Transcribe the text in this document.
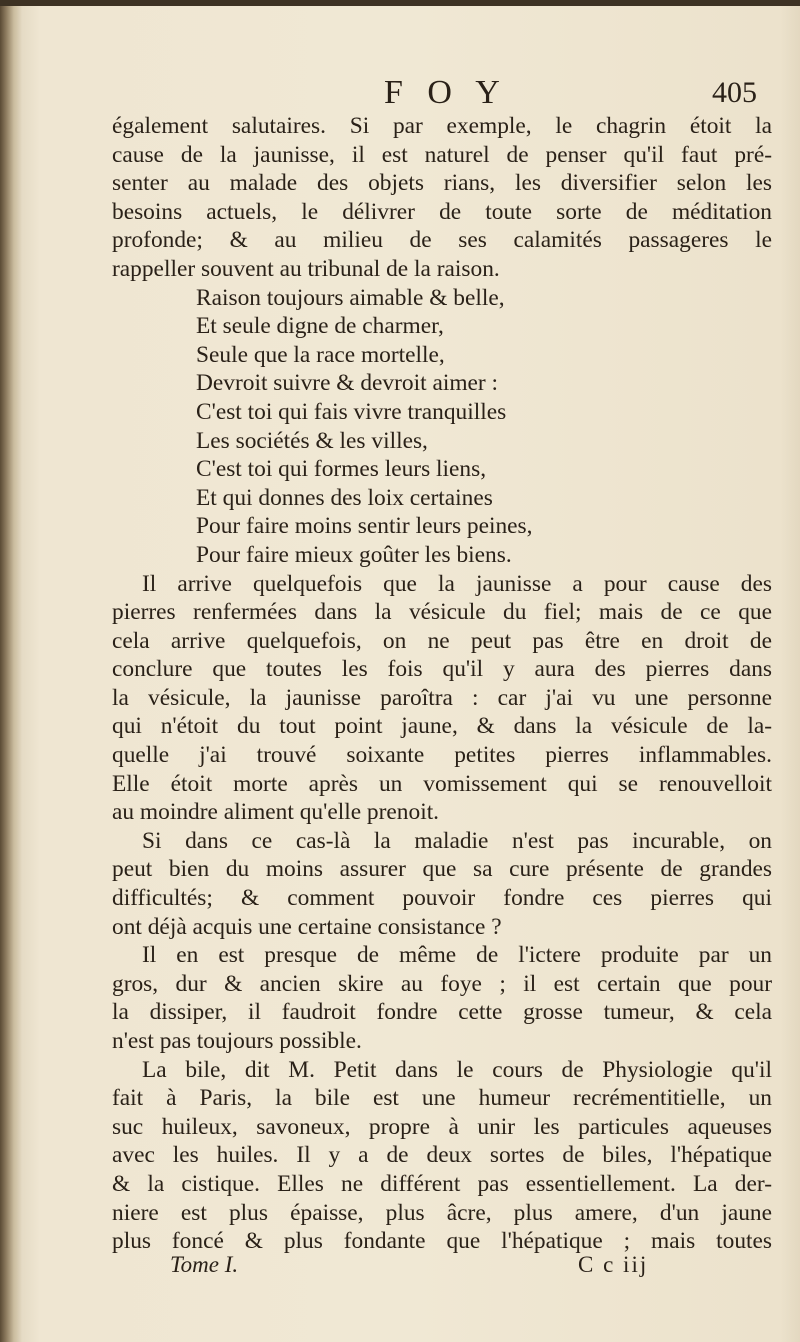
F O Y	405
également salutaires. Si par exemple, le chagrin étoit la
cause de la jaunisse, il est naturel de penser qu'il faut pré-
senter au malade des objets rians, les diversifier selon les
besoins actuels, le délivrer de toute sorte de méditation
profonde; & au milieu de ses calamités passageres le
rappeller souvent au tribunal de la raison.
Raison toujours aimable & belle,
Et seule digne de charmer,
Seule que la race mortelle,
Devroit suivre & devroit aimer :
C'est toi qui fais vivre tranquilles
Les sociétés & les villes,
C'est toi qui formes leurs liens,
Et qui donnes des loix certaines
Pour faire moins sentir leurs peines,
Pour faire mieux goûter les biens.
Il arrive quelquefois que la jaunisse a pour cause des
pierres renfermées dans la vésicule du fiel; mais de ce que
cela arrive quelquefois, on ne peut pas être en droit de
conclure que toutes les fois qu'il y aura des pierres dans
la vésicule, la jaunisse paroîtra : car j'ai vu une personne
qui n'étoit du tout point jaune, & dans la vésicule de la-
quelle j'ai trouvé soixante petites pierres inflammables.
Elle étoit morte après un vomissement qui se renouvelloit
au moindre aliment qu'elle prenoit.
Si dans ce cas-là la maladie n'est pas incurable, on
peut bien du moins assurer que sa cure présente de grandes
difficultés; & comment pouvoir fondre ces pierres qui
ont déjà acquis une certaine consistance ?
Il en est presque de même de l'ictere produite par un
gros, dur & ancien skire au foye ; il est certain que pour
la dissiper, il faudroit fondre cette grosse tumeur, & cela
n'est pas toujours possible.
La bile, dit M. Petit dans le cours de Physiologie qu'il
fait à Paris, la bile est une humeur recrémentitielle, un
suc huileux, savoneux, propre à unir les particules aqueuses
avec les huiles. Il y a de deux sortes de biles, l'hépatique
& la cistique. Elles ne différent pas essentiellement. La der-
niere est plus épaisse, plus âcre, plus amere, d'un jaune
plus foncé & plus fondante que l'hépatique ; mais toutes
Tome I.	C c iij
